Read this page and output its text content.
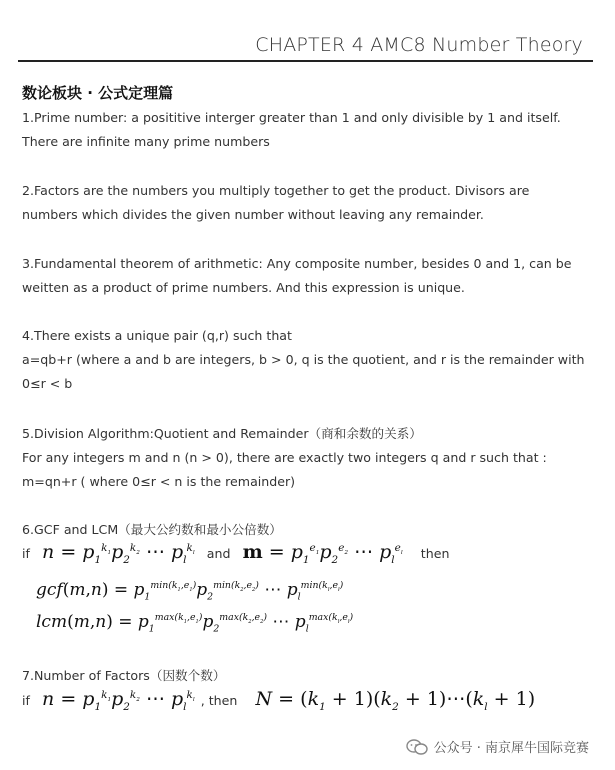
CHAPTER 4 AMC8 Number Theory
数论板块 · 公式定理篇
1.Prime number: a posititive interger greater than 1 and only divisible by 1 and itself.
There are infinite many prime numbers
2.Factors are the numbers you multiply together to get the product. Divisors are
numbers which divides the given number without leaving any remainder.
3.Fundamental theorem of arithmetic: Any composite number, besides 0 and 1, can be
weitten as a product of prime numbers. And this expression is unique.
4.There exists a unique pair (q,r) such that
a=qb+r (where a and b are integers, b > 0, q is the quotient, and r is the remainder with
0≤r < b
5.Division Algorithm:Quotient and Remainder（商和余数的关系）
For any integers m and n (n > 0), there are exactly two integers q and r such that :
m=qn+r ( where 0≤r < n is the remainder)
6.GCF and LCM（最大公约数和最小公倍数）
if $n = p_1^{k_1}p_2^{k_2}$ ⋯ $p_l^{k_l}$ and $m = p_1^{e_1}p_2^{e_2}$ ⋯ $p_l^{e_l}$ then
$gcf(m,n) = p_1^{min(k_1,e_1)}p_2^{min(k_2,e_2)}$ ⋯ $p_l^{min(k_l,e_l)}$
$lcm(m,n) = p_1^{max(k_1,e_1)}p_2^{max(k_2,e_2)}$ ⋯ $p_l^{max(k_l,e_l)}$
7.Number of Factors（因数个数）
if $n = p_1^{k_1}p_2^{k_2}$ ⋯ $p_l^{k_l}$ , then $N = (k_1 + 1)(k_2$ + $1)\cdots(k_l + 1)$
公众号 · 南京犀牛国际竞赛
